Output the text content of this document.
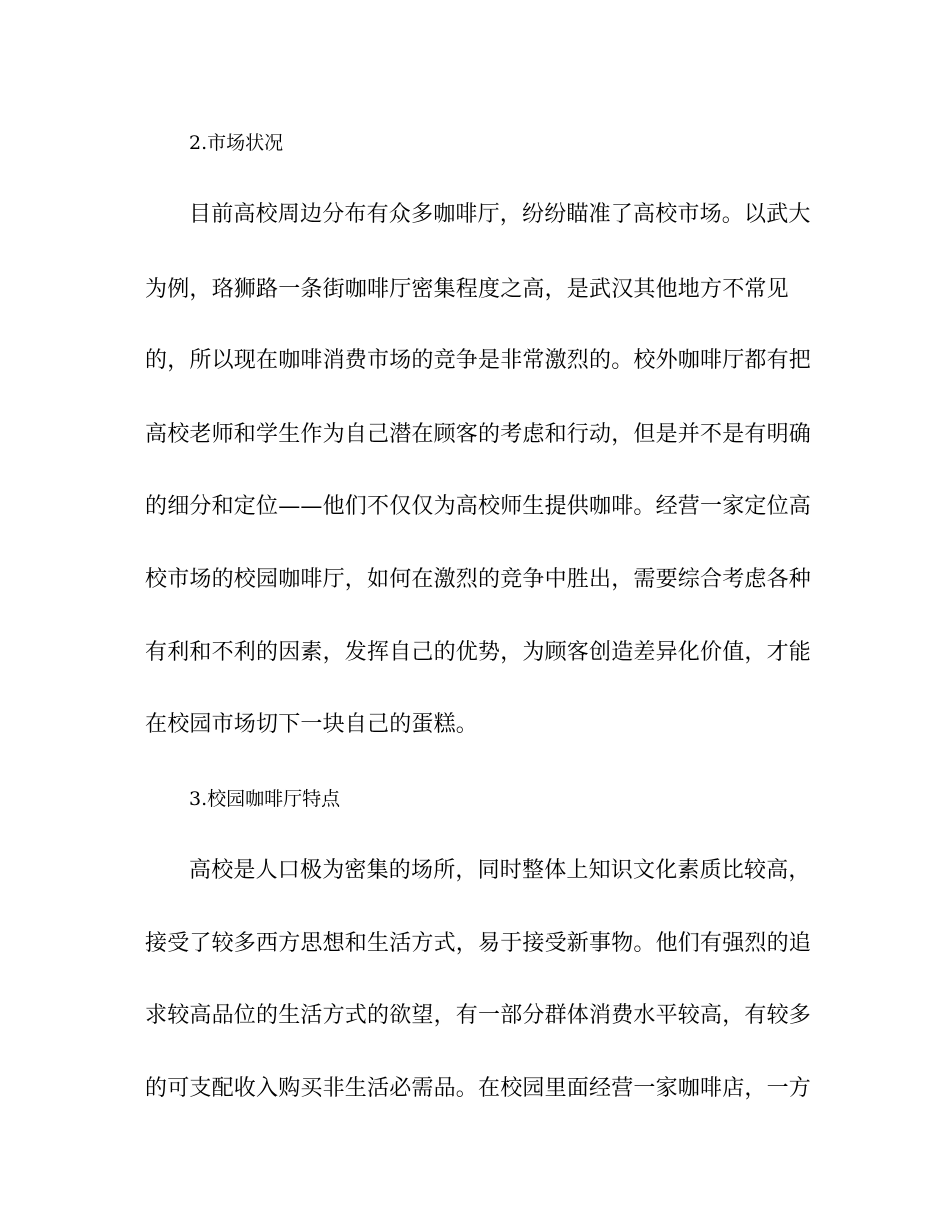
2.市场状况
目前高校周边分布有众多咖啡厅，纷纷瞄准了高校市场。以武大
为例，珞狮路一条街咖啡厅密集程度之高，是武汉其他地方不常见
的，所以现在咖啡消费市场的竞争是非常激烈的。校外咖啡厅都有把
高校老师和学生作为自己潜在顾客的考虑和行动，但是并不是有明确
的细分和定位——他们不仅仅为高校师生提供咖啡。经营一家定位高
校市场的校园咖啡厅，如何在激烈的竞争中胜出，需要综合考虑各种
有利和不利的因素，发挥自己的优势，为顾客创造差异化价值，才能
在校园市场切下一块自己的蛋糕。
3.校园咖啡厅特点
高校是人口极为密集的场所，同时整体上知识文化素质比较高，
接受了较多西方思想和生活方式，易于接受新事物。他们有强烈的追
求较高品位的生活方式的欲望，有一部分群体消费水平较高，有较多
的可支配收入购买非生活必需品。在校园里面经营一家咖啡店，一方
